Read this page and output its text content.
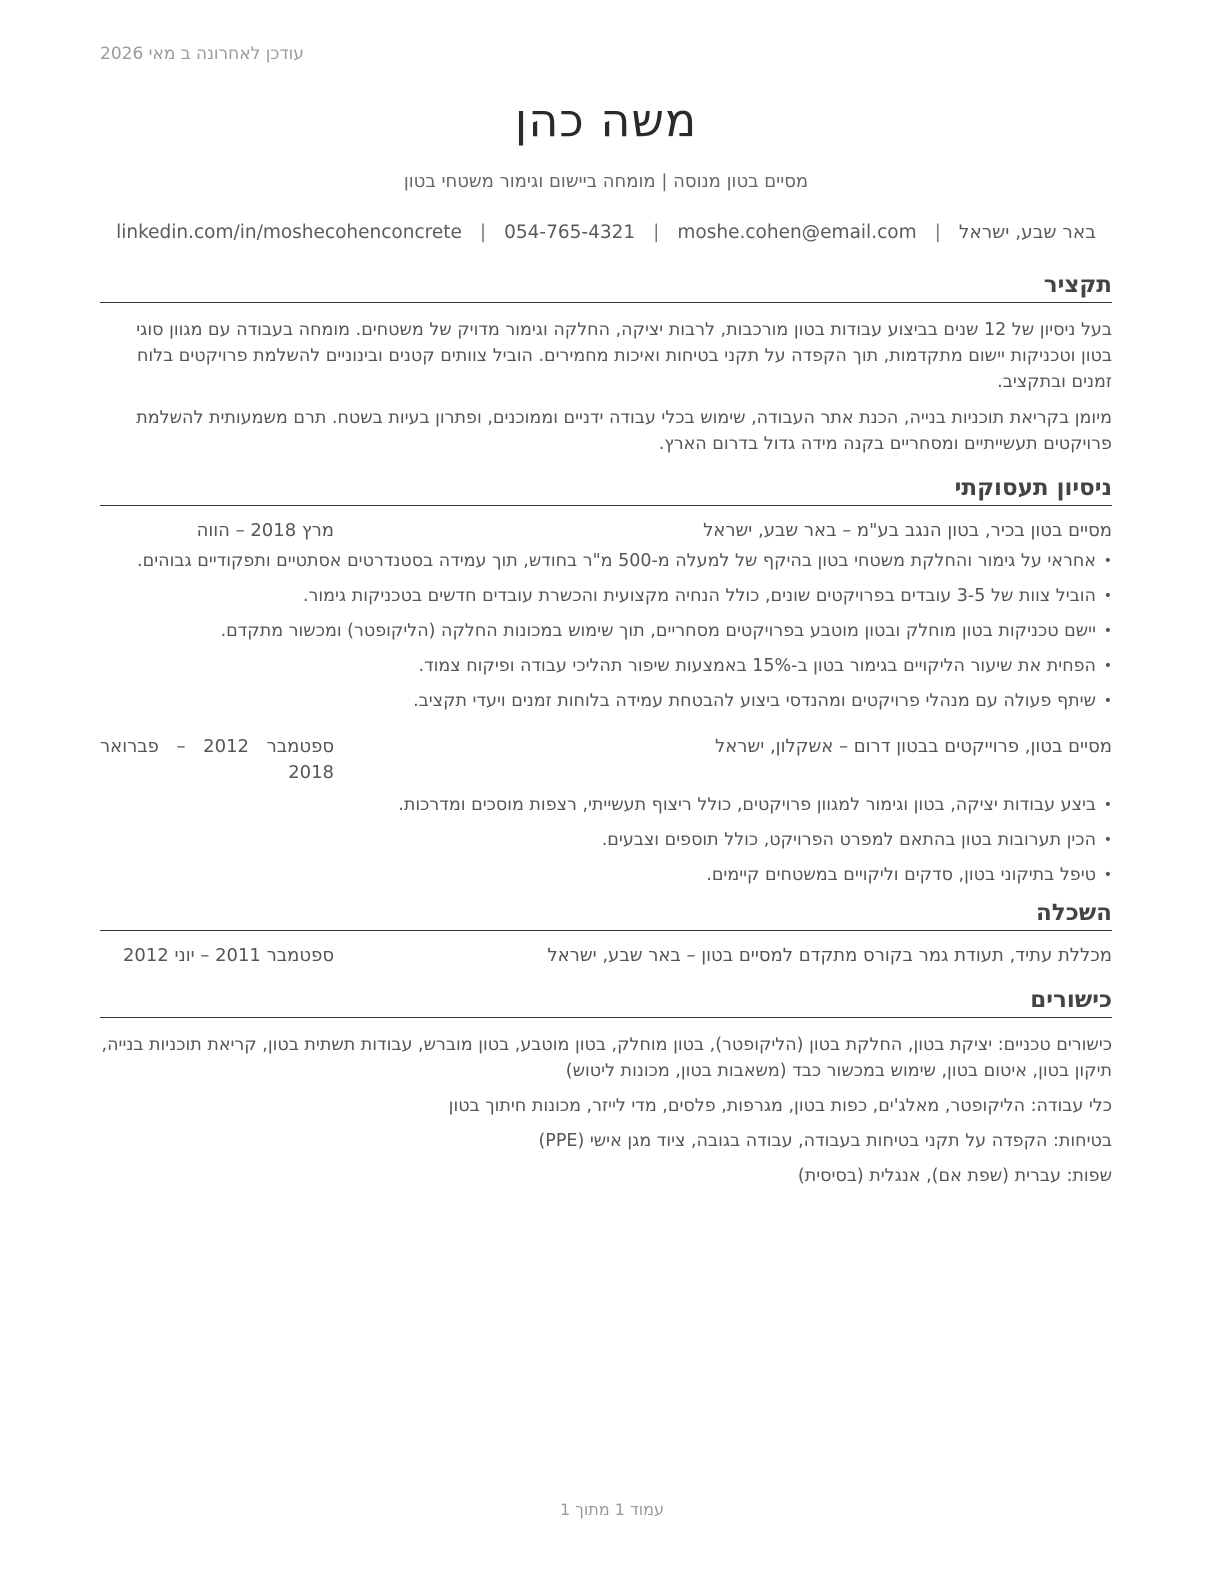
עודכן לאחרונה ב מאי 2026
משה כהן
מסיים בטון מנוסה | מומחה ביישום וגימור משטחי בטון
באר שבע, ישראל
|
moshe.cohen@email.com
|
054-765-4321
|
linkedin.com/in/moshecohenconcrete
תקציר

בעל ניסיון של 12 שנים בביצוע עבודות בטון מורכבות, לרבות יציקה, החלקה וגימור מדויק של משטחים. מומחה בעבודה עם מגוון סוגי בטון וטכניקות יישום מתקדמות, תוך הקפדה על תקני בטיחות ואיכות מחמירים. הוביל צוותים קטנים ובינוניים להשלמת פרויקטים בלוח זמנים ובתקציב.

מיומן בקריאת תוכניות בנייה, הכנת אתר העבודה, שימוש בכלי עבודה ידניים וממוכנים, ופתרון בעיות בשטח. תרם משמעותית להשלמת פרויקטים תעשייתיים ומסחריים בקנה מידה גדול בדרום הארץ.

ניסיון תעסוקתי
מסיים בטון בכיר, בטון הנגב בע"מ – באר שבע, ישראל
מרץ 2018 – הווה
• אחראי על גימור והחלקת משטחי בטון בהיקף של למעלה מ-500 מ"ר בחודש, תוך עמידה בסטנדרטים אסתטיים ותפקודיים גבוהים.
• הוביל צוות של 3-5 עובדים בפרויקטים שונים, כולל הנחיה מקצועית והכשרת עובדים חדשים בטכניקות גימור.
• יישם טכניקות בטון מוחלק ובטון מוטבע בפרויקטים מסחריים, תוך שימוש במכונות החלקה (הליקופטר) ומכשור מתקדם.
• הפחית את שיעור הליקויים בגימור בטון ב-15% באמצעות שיפור תהליכי עבודה ופיקוח צמוד.
• שיתף פעולה עם מנהלי פרויקטים ומהנדסי ביצוע להבטחת עמידה בלוחות זמנים ויעדי תקציב.
מסיים בטון, פרוייקטים בבטון דרום – אשקלון, ישראל
ספטמבר 2012 – פברואר 2018
• ביצע עבודות יציקה, בטון וגימור למגוון פרויקטים, כולל ריצוף תעשייתי, רצפות מוסכים ומדרכות.
• הכין תערובות בטון בהתאם למפרט הפרויקט, כולל תוספים וצבעים.
• טיפל בתיקוני בטון, סדקים וליקויים במשטחים קיימים.
השכלה
מכללת עתיד, תעודת גמר בקורס מתקדם למסיים בטון – באר שבע, ישראל
ספטמבר 2011 – יוני 2012
כישורים

כישורים טכניים: יציקת בטון, החלקת בטון (הליקופטר), בטון מוחלק, בטון מוטבע, בטון מוברש, עבודות תשתית בטון, קריאת תוכניות בנייה, תיקון בטון, איטום בטון, שימוש במכשור כבד (משאבות בטון, מכונות ליטוש)

כלי עבודה: הליקופטר, מאלג'ים, כפות בטון, מגרפות, פלסים, מדי לייזר, מכונות חיתוך בטון

בטיחות: הקפדה על תקני בטיחות בעבודה, עבודה בגובה, ציוד מגן אישי (PPE)

שפות: עברית (שפת אם), אנגלית (בסיסית)

עמוד 1 מתוך 1
